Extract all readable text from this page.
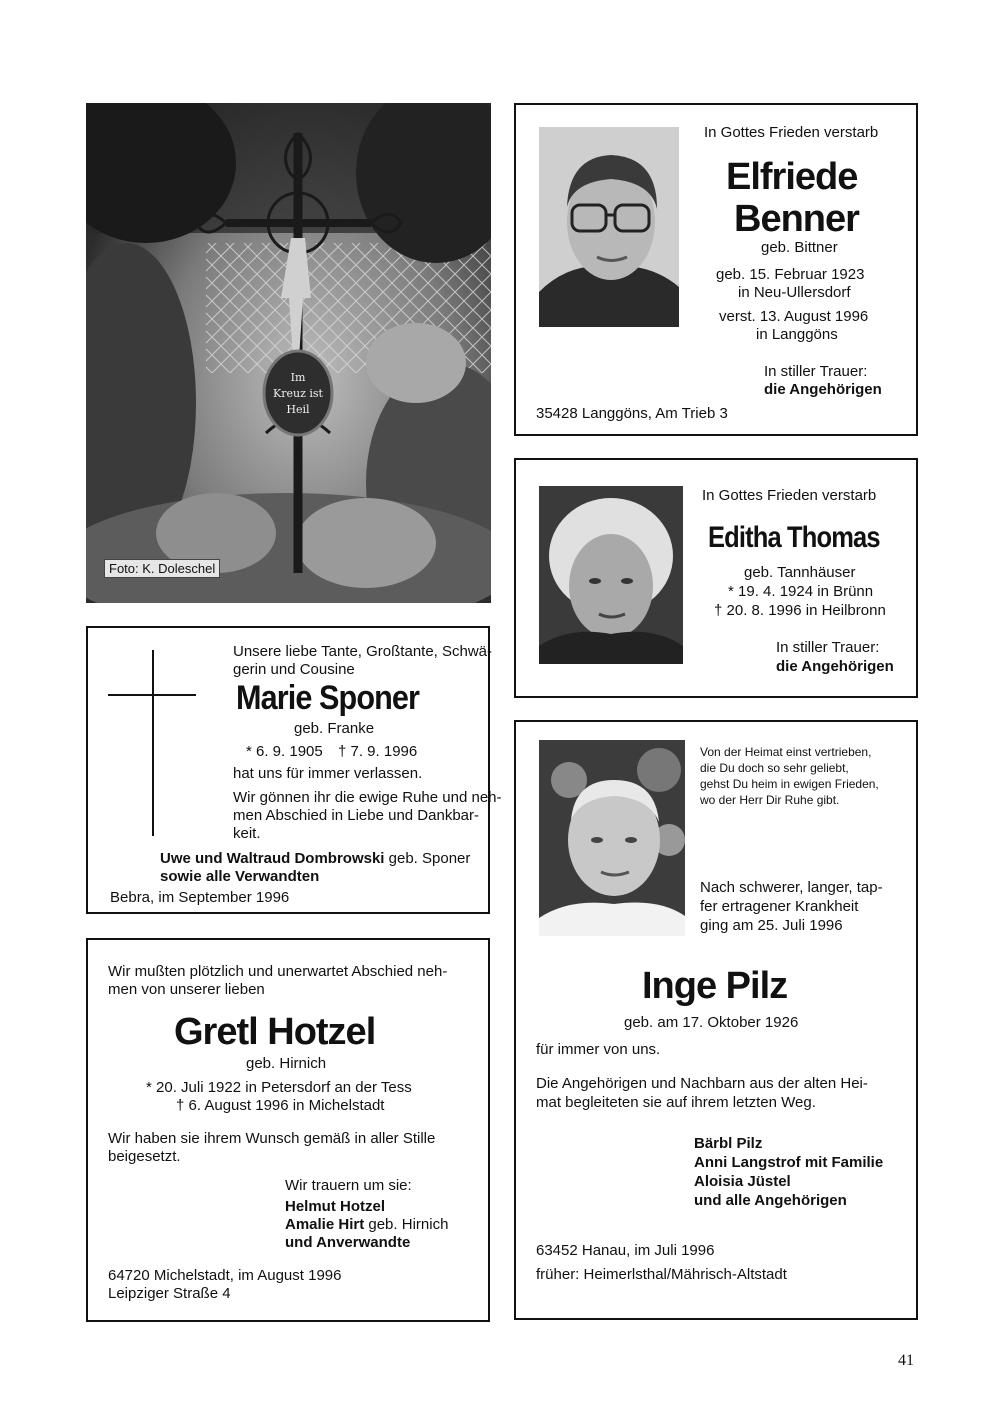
Im
Kreuz ist
Heil
Foto: K. Doleschel
In Gottes Frieden verstarb
Elfriede
Benner
geb. Bittner
geb. 15. Februar 1923
in Neu-Ullersdorf
verst. 13. August 1996
in Langgöns
In stiller Trauer:
die Angehörigen
35428 Langgöns, Am Trieb 3
In Gottes Frieden verstarb
Editha Thomas
geb. Tannhäuser
* 19. 4. 1924 in Brünn
† 20. 8. 1996 in Heilbronn
In stiller Trauer:
die Angehörigen
Unsere liebe Tante, Großtante, Schwä-
gerin und Cousine
Marie Sponer
geb. Franke
* 6. 9. 1905 † 7. 9. 1996
hat uns für immer verlassen.
Wir gönnen ihr die ewige Ruhe und neh-
men Abschied in Liebe und Dankbar-
keit.
Uwe und Waltraud Dombrowski geb. Sponer
sowie alle Verwandten
Bebra, im September 1996
Wir mußten plötzlich und unerwartet Abschied neh-
men von unserer lieben
Gretl Hotzel
geb. Hirnich
* 20. Juli 1922 in Petersdorf an der Tess
† 6. August 1996 in Michelstadt
Wir haben sie ihrem Wunsch gemäß in aller Stille
beigesetzt.
Wir trauern um sie:
Helmut Hotzel
Amalie Hirt geb. Hirnich
und Anverwandte
64720 Michelstadt, im August 1996
Leipziger Straße 4
Von der Heimat einst vertrieben,
die Du doch so sehr geliebt,
gehst Du heim in ewigen Frieden,
wo der Herr Dir Ruhe gibt.
Nach schwerer, langer, tap-
fer ertragener Krankheit
ging am 25. Juli 1996
Inge Pilz
geb. am 17. Oktober 1926
für immer von uns.
Die Angehörigen und Nachbarn aus der alten Hei-
mat begleiteten sie auf ihrem letzten Weg.
Bärbl Pilz
Anni Langstrof mit Familie
Aloisia Jüstel
und alle Angehörigen
63452 Hanau, im Juli 1996
früher: Heimerlsthal/Mährisch-Altstadt
41
